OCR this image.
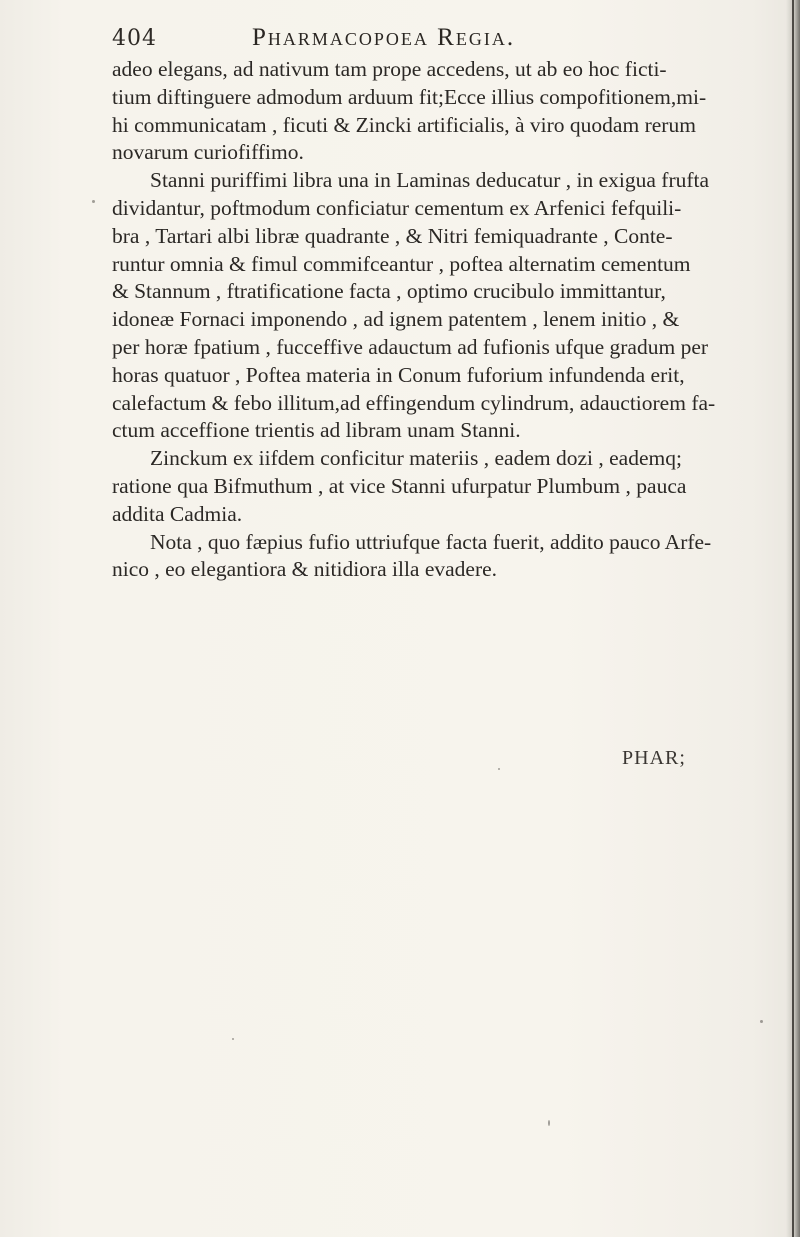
404	Pharmacopoea Regia.
adeo elegans, ad nativum tam prope accedens, ut ab eo hoc ficti-
tium diftinguere admodum arduum fit;Ecce illius compofitionem,mi-
hi communicatam , ficuti & Zincki artificialis, à viro quodam rerum
novarum curiofiffimo.
Stanni puriffimi libra una in Laminas deducatur , in exigua frufta
dividantur, poftmodum conficiatur cementum ex Arfenici fefquili-
bra , Tartari albi libræ quadrante , & Nitri femiquadrante , Conte-
runtur omnia & fimul commifceantur , poftea alternatim cementum
& Stannum , ftratificatione facta , optimo crucibulo immittantur,
idoneæ Fornaci imponendo , ad ignem patentem , lenem initio , &
per horæ fpatium , fucceffive adauctum ad fufionis ufque gradum per
horas quatuor , Poftea materia in Conum fuforium infundenda erit,
calefactum & febo illitum,ad effingendum cylindrum, adauctiorem fa-
ctum acceffione trientis ad libram unam Stanni.
Zinckum ex iifdem conficitur materiis , eadem dozi , eademq;
ratione qua Bifmuthum , at vice Stanni ufurpatur Plumbum , pauca
addita Cadmia.
Nota , quo fæpius fufio uttriufque facta fuerit, addito pauco Arfe-
nico , eo elegantiora & nitidiora illa evadere.
PHAR;
